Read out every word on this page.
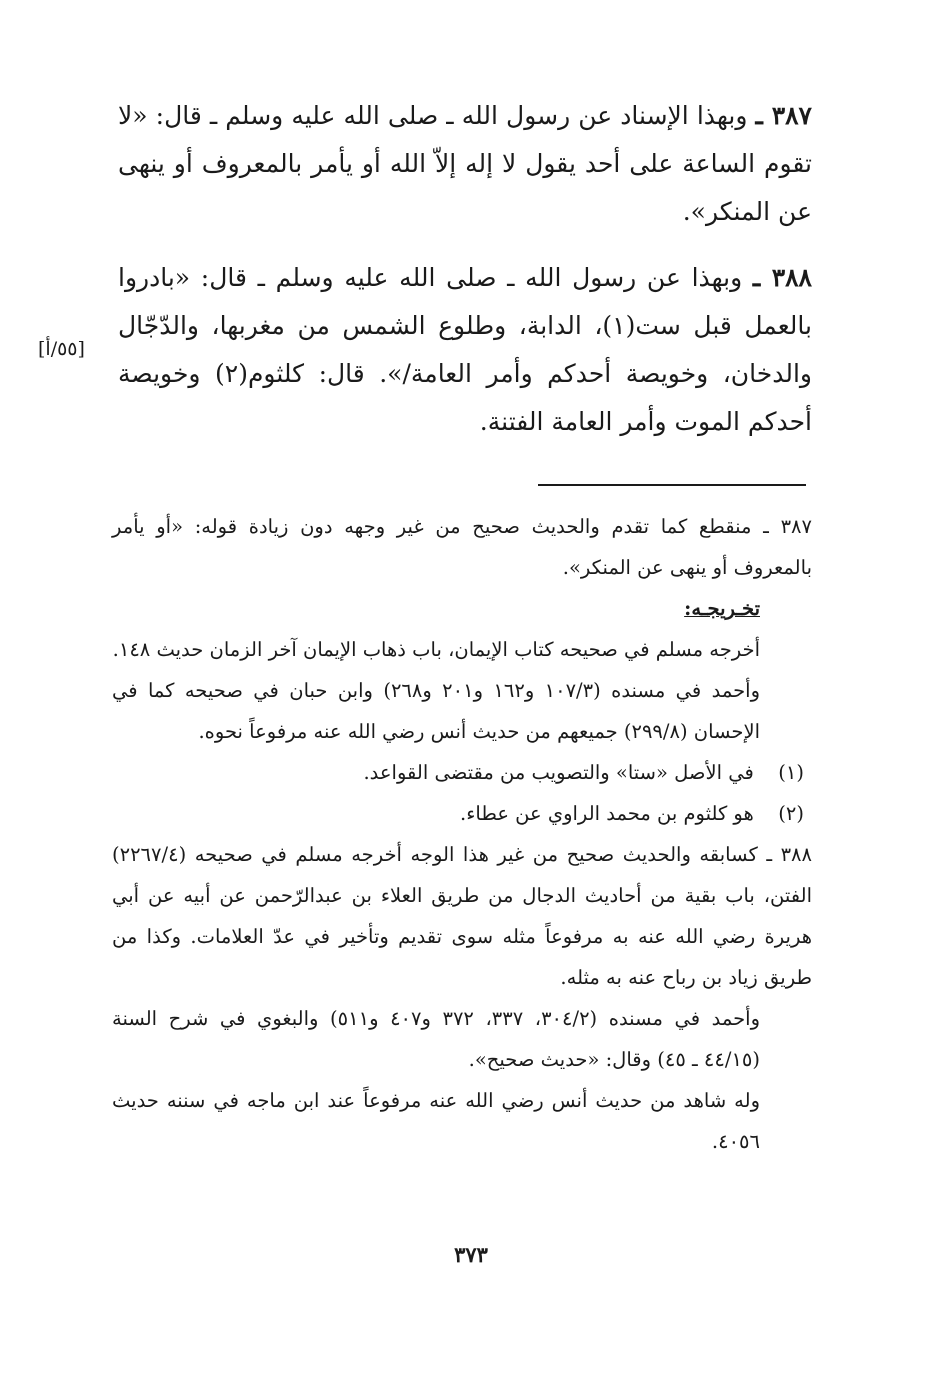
٣٨٧ ـ وبهذا الإسناد عن رسول الله ـ صلى الله عليه وسلم ـ قال: «لا تقوم الساعة على أحد يقول لا إله إلاّ الله أو يأمر بالمعروف أو ينهى عن المنكر».

٣٨٨ ـ وبهذا عن رسول الله ـ صلى الله عليه وسلم ـ قال: «بادروا بالعمل قبل ست(١)، الدابة، وطلوع الشمس من مغربها، والدّجّال والدخان، وخويصة أحدكم وأمر العامة/». قال: كلثوم(٢) وخويصة أحدكم الموت وأمر العامة الفتنة.

[٥٥/أ]

٣٨٧ ـ منقطع كما تقدم والحديث صحيح من غير وجهه دون زيادة قوله: «أو يأمر بالمعروف أو ينهى عن المنكر».

تخـريجـه:

أخرجه مسلم في صحيحه كتاب الإيمان، باب ذهاب الإيمان آخر الزمان حديث ١٤٨.

وأحمد في مسنده (١٠٧/٣ و١٦٢ و٢٠١ و٢٦٨) وابن حبان في صحيحه كما في الإحسان (٢٩٩/٨) جميعهم من حديث أنس رضي الله عنه مرفوعاً نحوه.

(١) في الأصل «ستا» والتصويب من مقتضى القواعد.

(٢) هو كلثوم بن محمد الراوي عن عطاء.

٣٨٨ ـ كسابقه والحديث صحيح من غير هذا الوجه أخرجه مسلم في صحيحه (٢٢٦٧/٤) الفتن، باب بقية من أحاديث الدجال من طريق العلاء بن عبدالرّحمن عن أبيه عن أبي هريرة رضي الله عنه به مرفوعاً مثله سوى تقديم وتأخير في عدّ العلامات. وكذا من طريق زياد بن رباح عنه به مثله.

وأحمد في مسنده (٣٠٤/٢، ٣٣٧، ٣٧٢ و٤٠٧ و٥١١) والبغوي في شرح السنة (٤٤/١٥ ـ ٤٥) وقال: «حديث صحيح».

وله شاهد من حديث أنس رضي الله عنه مرفوعاً عند ابن ماجه في سننه حديث ٤٠٥٦.

٣٧٣
